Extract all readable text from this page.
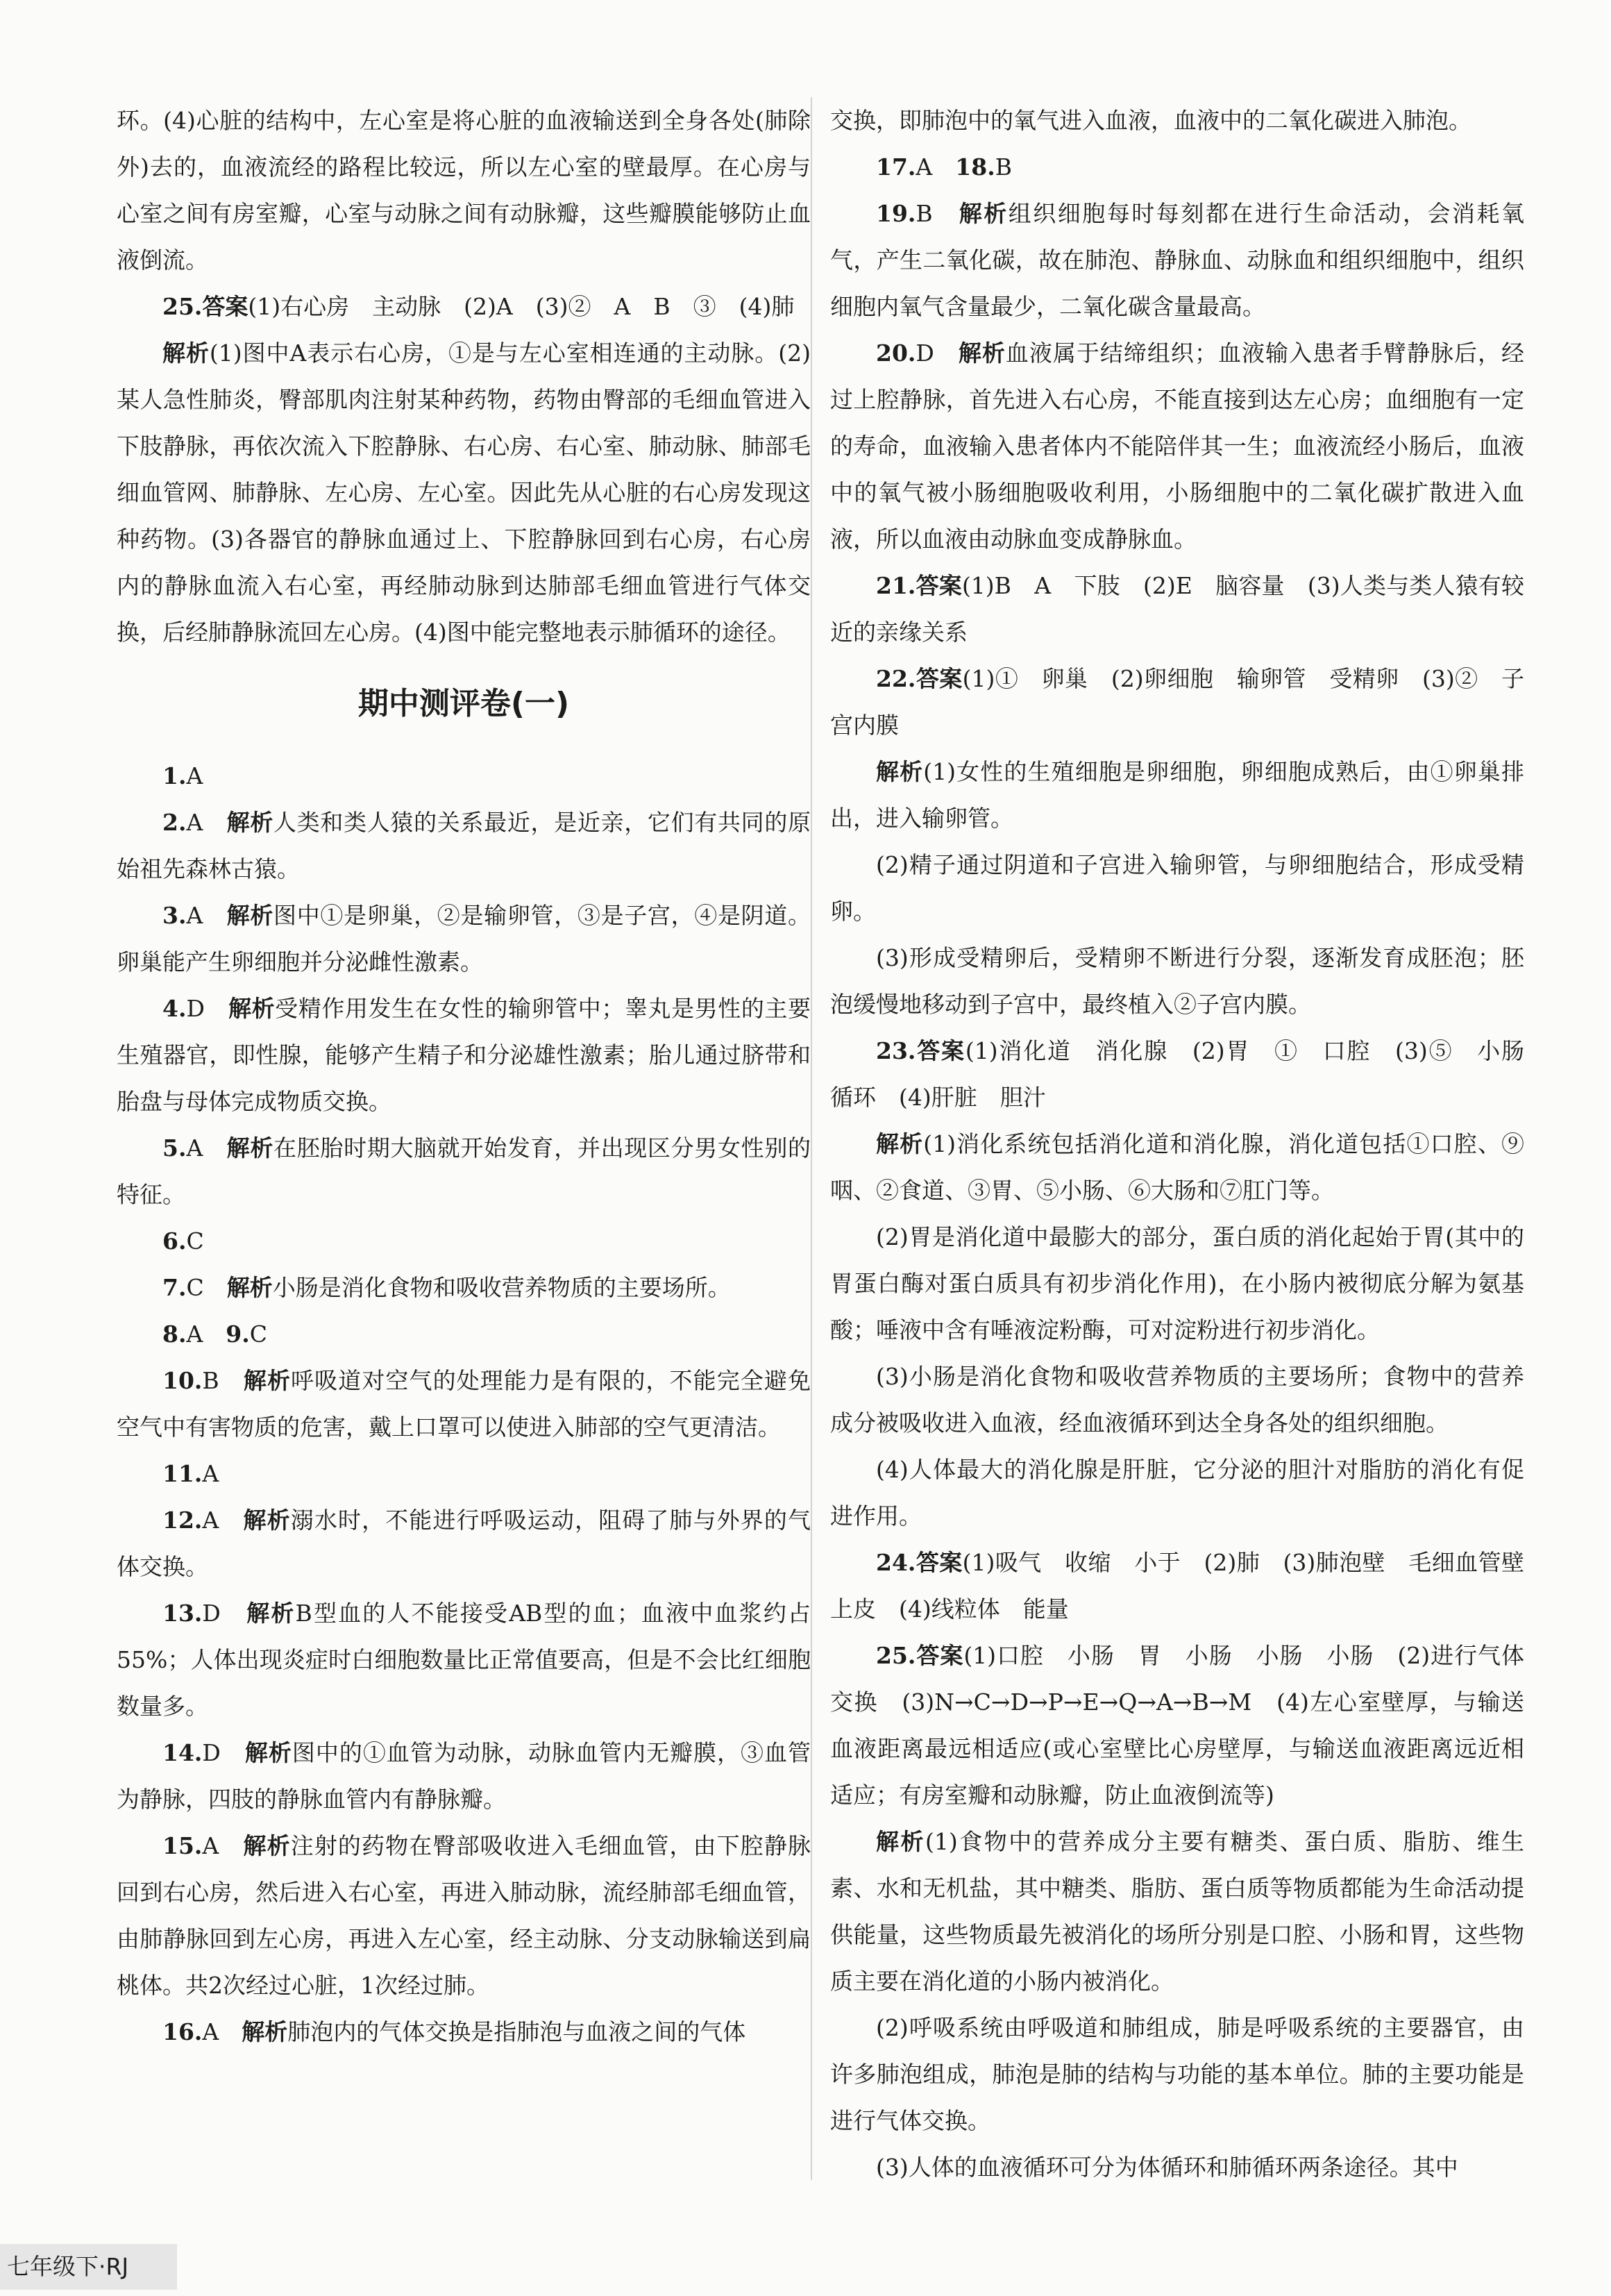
环。(4)心脏的结构中，左心室是将心脏的血液输送到全身各处(肺除外)去的，血液流经的路程比较远，所以左心室的壁最厚。在心房与心室之间有房室瓣，心室与动脉之间有动脉瓣，这些瓣膜能够防止血液倒流。

25.答案(1)右心房　主动脉　(2)A　(3)②　A　B　③　(4)肺

解析(1)图中A表示右心房，①是与左心室相连通的主动脉。(2)某人急性肺炎，臀部肌肉注射某种药物，药物由臀部的毛细血管进入下肢静脉，再依次流入下腔静脉、右心房、右心室、肺动脉、肺部毛细血管网、肺静脉、左心房、左心室。因此先从心脏的右心房发现这种药物。(3)各器官的静脉血通过上、下腔静脉回到右心房，右心房内的静脉血流入右心室，再经肺动脉到达肺部毛细血管进行气体交换，后经肺静脉流回左心房。(4)图中能完整地表示肺循环的途径。

期中测评卷(一)

1.A

2.A　解析人类和类人猿的关系最近，是近亲，它们有共同的原始祖先森林古猿。

3.A　解析图中①是卵巢，②是输卵管，③是子宫，④是阴道。卵巢能产生卵细胞并分泌雌性激素。

4.D　解析受精作用发生在女性的输卵管中；睾丸是男性的主要生殖器官，即性腺，能够产生精子和分泌雄性激素；胎儿通过脐带和胎盘与母体完成物质交换。

5.A　解析在胚胎时期大脑就开始发育，并出现区分男女性别的特征。

6.C

7.C　解析小肠是消化食物和吸收营养物质的主要场所。

8.A　9.C

10.B　解析呼吸道对空气的处理能力是有限的，不能完全避免空气中有害物质的危害，戴上口罩可以使进入肺部的空气更清洁。

11.A

12.A　解析溺水时，不能进行呼吸运动，阻碍了肺与外界的气体交换。

13.D　解析B型血的人不能接受AB型的血；血液中血浆约占55%；人体出现炎症时白细胞数量比正常值要高，但是不会比红细胞数量多。

14.D　解析图中的①血管为动脉，动脉血管内无瓣膜，③血管为静脉，四肢的静脉血管内有静脉瓣。

15.A　解析注射的药物在臀部吸收进入毛细血管，由下腔静脉回到右心房，然后进入右心室，再进入肺动脉，流经肺部毛细血管，由肺静脉回到左心房，再进入左心室，经主动脉、分支动脉输送到扁桃体。共2次经过心脏，1次经过肺。

16.A　解析肺泡内的气体交换是指肺泡与血液之间的气体

交换，即肺泡中的氧气进入血液，血液中的二氧化碳进入肺泡。

17.A　18.B

19.B　解析组织细胞每时每刻都在进行生命活动，会消耗氧气，产生二氧化碳，故在肺泡、静脉血、动脉血和组织细胞中，组织细胞内氧气含量最少，二氧化碳含量最高。

20.D　解析血液属于结缔组织；血液输入患者手臂静脉后，经过上腔静脉，首先进入右心房，不能直接到达左心房；血细胞有一定的寿命，血液输入患者体内不能陪伴其一生；血液流经小肠后，血液中的氧气被小肠细胞吸收利用，小肠细胞中的二氧化碳扩散进入血液，所以血液由动脉血变成静脉血。

21.答案(1)B　A　下肢　(2)E　脑容量　(3)人类与类人猿有较近的亲缘关系

22.答案(1)①　卵巢　(2)卵细胞　输卵管　受精卵　(3)②　子宫内膜

解析(1)女性的生殖细胞是卵细胞，卵细胞成熟后，由①卵巢排出，进入输卵管。

(2)精子通过阴道和子宫进入输卵管，与卵细胞结合，形成受精卵。

(3)形成受精卵后，受精卵不断进行分裂，逐渐发育成胚泡；胚泡缓慢地移动到子宫中，最终植入②子宫内膜。

23.答案(1)消化道　消化腺　(2)胃　①　口腔　(3)⑤　小肠　循环　(4)肝脏　胆汁

解析(1)消化系统包括消化道和消化腺，消化道包括①口腔、⑨咽、②食道、③胃、⑤小肠、⑥大肠和⑦肛门等。

(2)胃是消化道中最膨大的部分，蛋白质的消化起始于胃(其中的胃蛋白酶对蛋白质具有初步消化作用)，在小肠内被彻底分解为氨基酸；唾液中含有唾液淀粉酶，可对淀粉进行初步消化。

(3)小肠是消化食物和吸收营养物质的主要场所；食物中的营养成分被吸收进入血液，经血液循环到达全身各处的组织细胞。

(4)人体最大的消化腺是肝脏，它分泌的胆汁对脂肪的消化有促进作用。

24.答案(1)吸气　收缩　小于　(2)肺　(3)肺泡壁　毛细血管壁　上皮　(4)线粒体　能量

25.答案(1)口腔　小肠　胃　小肠　小肠　小肠　(2)进行气体交换　(3)N→C→D→P→E→Q→A→B→M　(4)左心室壁厚，与输送血液距离最远相适应(或心室壁比心房壁厚，与输送血液距离远近相适应；有房室瓣和动脉瓣，防止血液倒流等)

解析(1)食物中的营养成分主要有糖类、蛋白质、脂肪、维生素、水和无机盐，其中糖类、脂肪、蛋白质等物质都能为生命活动提供能量，这些物质最先被消化的场所分别是口腔、小肠和胃，这些物质主要在消化道的小肠内被消化。

(2)呼吸系统由呼吸道和肺组成，肺是呼吸系统的主要器官，由许多肺泡组成，肺泡是肺的结构与功能的基本单位。肺的主要功能是进行气体交换。

(3)人体的血液循环可分为体循环和肺循环两条途径。其中

七年级下·RJ
